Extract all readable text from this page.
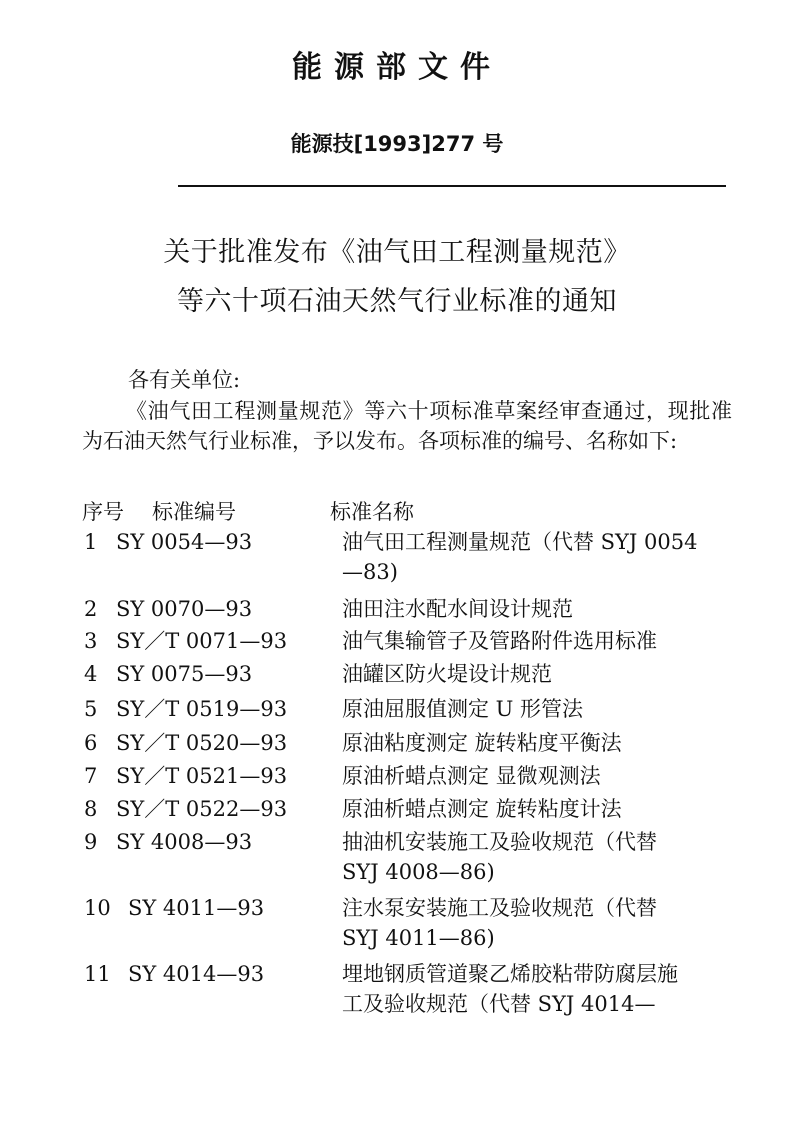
能源部文件
能源技[1993]277 号
关于批准发布《油气田工程测量规范》
等六十项石油天然气行业标准的通知
各有关单位:
《油气田工程测量规范》等六十项标准草案经审查通过，现批准为石油天然气行业标准，予以发布。各项标准的编号、名称如下:
序号 标准编号	标准名称
1 SY 0054—93	油气田工程测量规范（代替 SYJ 0054
—83)
2 SY 0070—93	油田注水配水间设计规范
3 SY／T 0071—93	油气集输管子及管路附件选用标准
4 SY 0075—93	油罐区防火堤设计规范
5 SY／T 0519—93	原油屈服值测定 U 形管法
6 SY／T 0520—93	原油粘度测定 旋转粘度平衡法
7 SY／T 0521—93	原油析蜡点测定 显微观测法
8 SY／T 0522—93	原油析蜡点测定 旋转粘度计法
9 SY 4008—93	抽油机安装施工及验收规范（代替
SYJ 4008—86)
10 SY 4011—93	注水泵安装施工及验收规范（代替
SYJ 4011—86)
11 SY 4014—93	埋地钢质管道聚乙烯胶粘带防腐层施
工及验收规范（代替 SYJ 4014—
